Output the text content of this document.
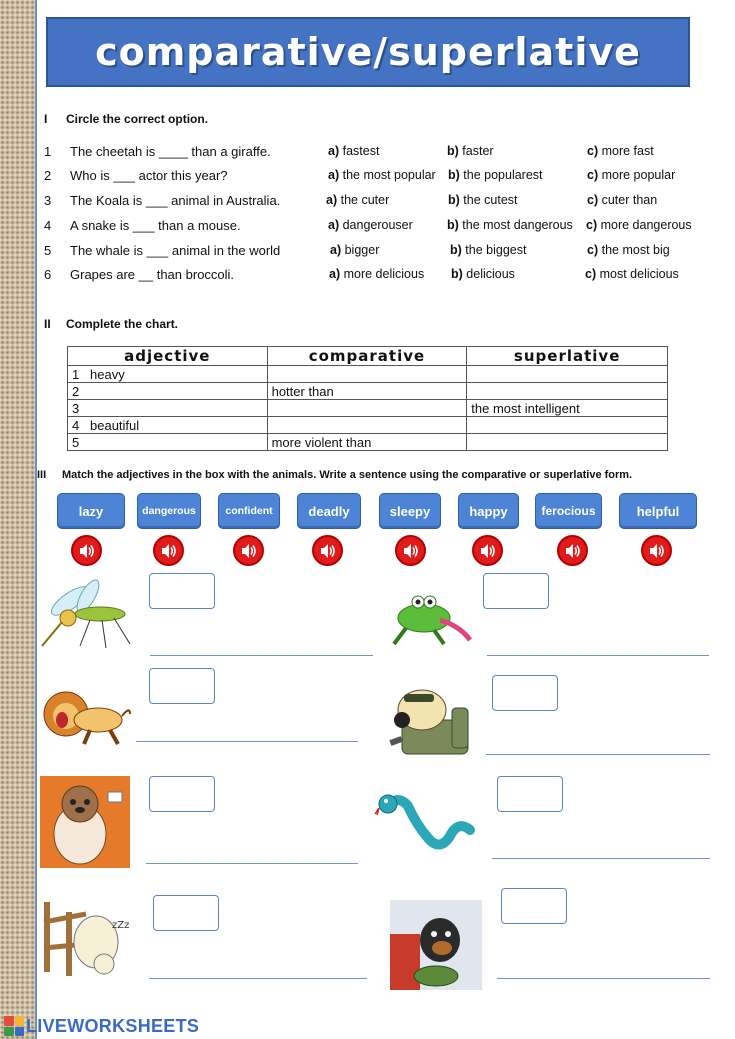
comparative/superlative
I Circle the correct option.
1 The cheetah is ____ than a giraffe.	a) fastest	b) faster	c) more fast
2 Who is ___ actor this year?	a) the most popular b) the popularest	c) more popular
3 The Koala is ___ animal in Australia.	a) the cuter	b) the cutest	c) cuter than
4 A snake is ___ than a mouse.	a) dangerouser	b) the most dangerous c) more dangerous
5 The whale is ___ animal in the world	a) bigger	b) the biggest	c) the most big
6 Grapes are __ than broccoli.	a) more delicious b) delicious	c) most delicious
II Complete the chart.
adjective	comparative	superlative
1 heavy		
2	hotter than	
3		the most intelligent
4 beautiful		
5	more violent than	
III Match the adjectives in the box with the animals. Write a sentence using the comparative or superlative form.
lazy	dangerous	confident	deadly	sleepy	happy	ferocious	helpful
zZz
LIVEWORKSHEETS
